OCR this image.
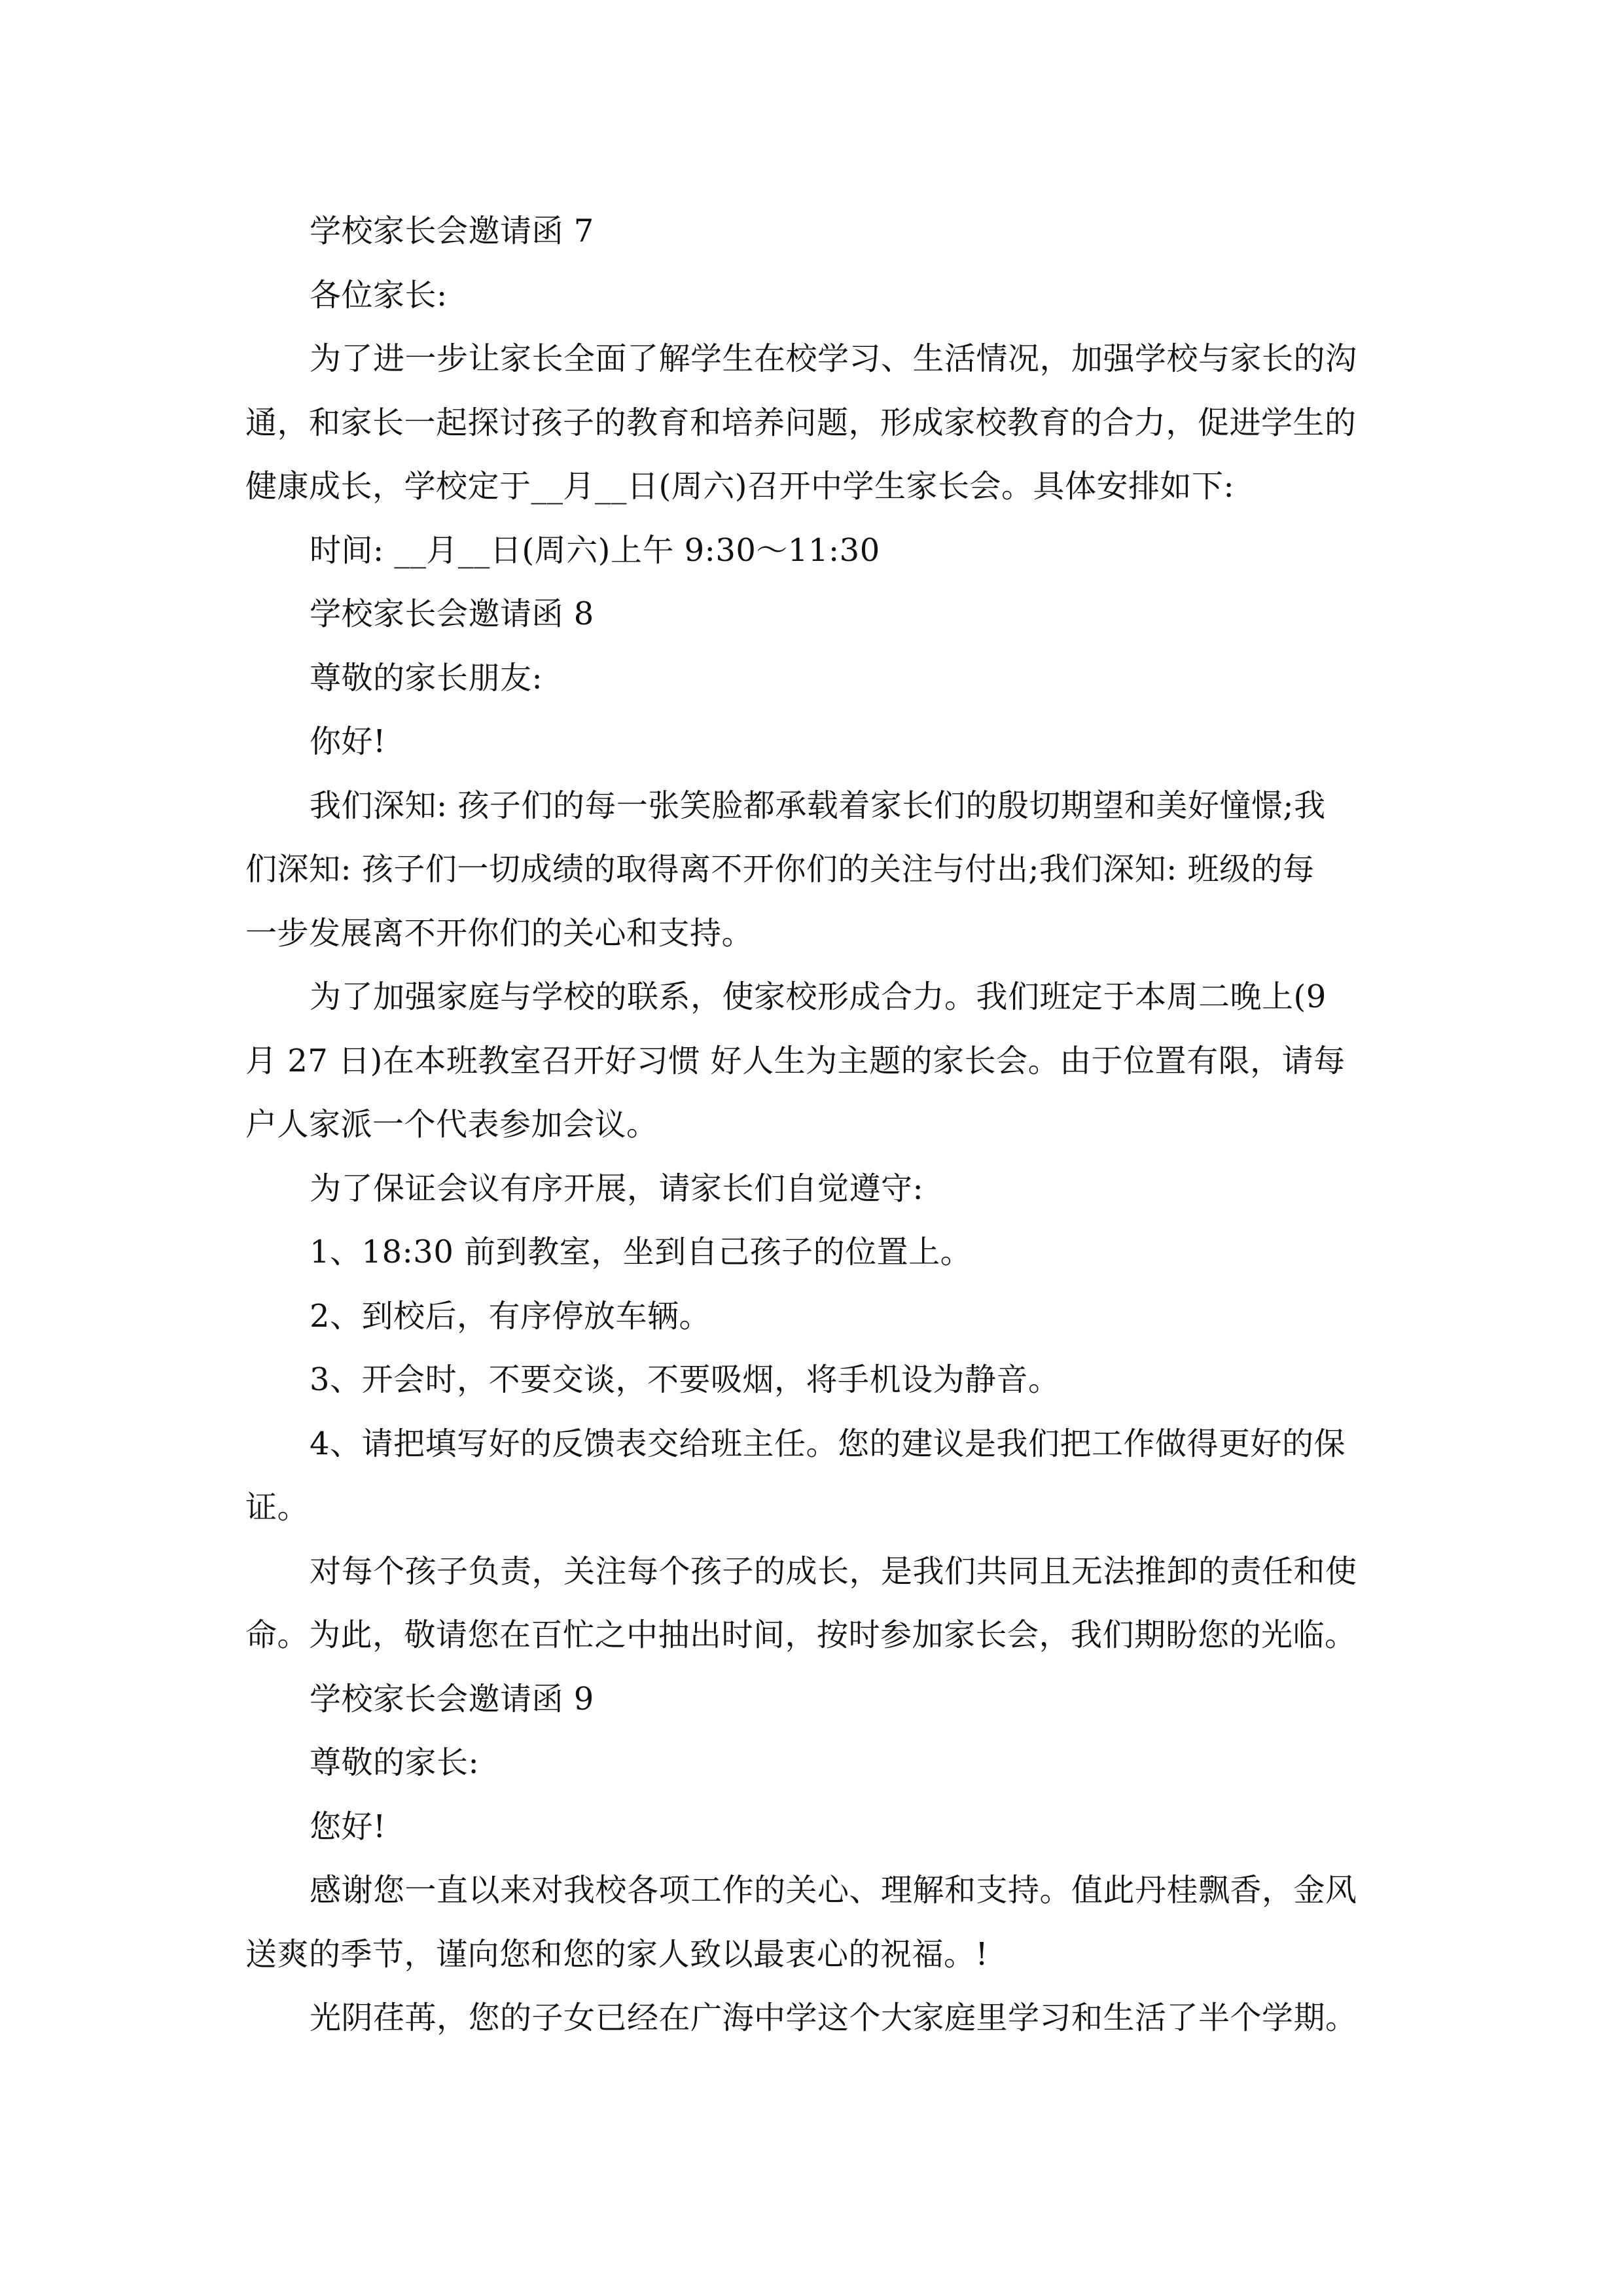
学校家长会邀请函 7
各位家长:
为了进一步让家长全面了解学生在校学习、生活情况，加强学校与家长的沟
通，和家长一起探讨孩子的教育和培养问题，形成家校教育的合力，促进学生的
健康成长，学校定于__月__日(周六)召开中学生家长会。具体安排如下:
时间: __月__日(周六)上午 9:30～11:30
学校家长会邀请函 8
尊敬的家长朋友:
你好!
我们深知: 孩子们的每一张笑脸都承载着家长们的殷切期望和美好憧憬;我
们深知: 孩子们一切成绩的取得离不开你们的关注与付出;我们深知: 班级的每
一步发展离不开你们的关心和支持。
为了加强家庭与学校的联系，使家校形成合力。我们班定于本周二晚上(9
月 27 日)在本班教室召开好习惯 好人生为主题的家长会。由于位置有限，请每
户人家派一个代表参加会议。
为了保证会议有序开展，请家长们自觉遵守:
1、18:30 前到教室，坐到自己孩子的位置上。
2、到校后，有序停放车辆。
3、开会时，不要交谈，不要吸烟，将手机设为静音。
4、请把填写好的反馈表交给班主任。您的建议是我们把工作做得更好的保
证。
对每个孩子负责，关注每个孩子的成长，是我们共同且无法推卸的责任和使
命。为此，敬请您在百忙之中抽出时间，按时参加家长会，我们期盼您的光临。
学校家长会邀请函 9
尊敬的家长:
您好!
感谢您一直以来对我校各项工作的关心、理解和支持。值此丹桂飘香，金风
送爽的季节，谨向您和您的家人致以最衷心的祝福。!
光阴荏苒，您的子女已经在广海中学这个大家庭里学习和生活了半个学期。
